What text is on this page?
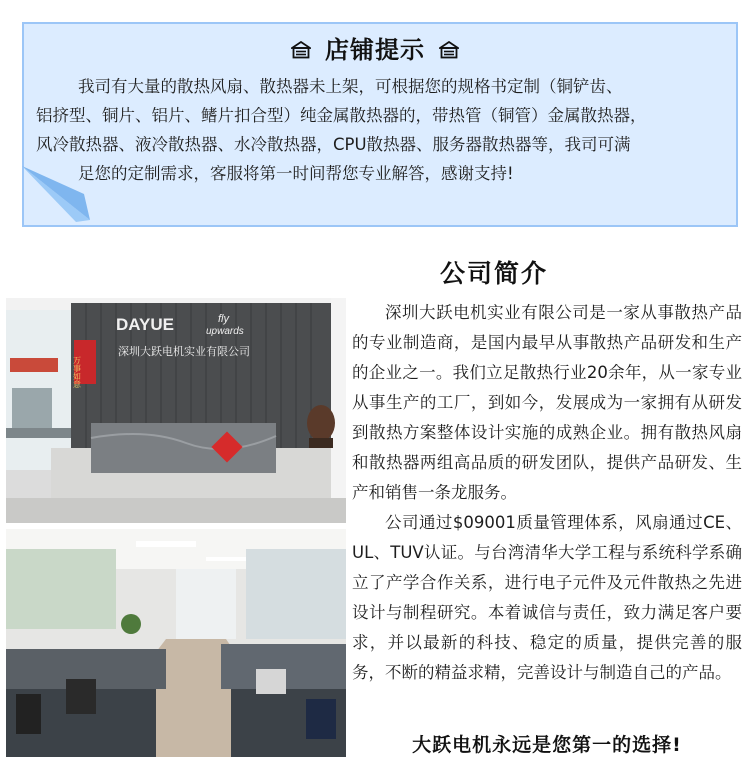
店铺提示
我司有大量的散热风扇、散热器未上架，可根据您的规格书定制（铜铲齿、
铝挤型、铜片、铝片、鳍片扣合型）纯金属散热器的，带热管（铜管）金属散热器，
风冷散热器、液冷散热器、水冷散热器，CPU散热器、服务器散热器等，我司可满
足您的定制需求，客服将第一时间帮您专业解答，感谢支持!
公司简介
DAYUE	fly
upwards
深圳大跃电机实业有限公司
万事如意

深圳大跃电机实业有限公司是一家从事散热产品的专业制造商，是国内最早从事散热产品研发和生产的企业之一。我们立足散热行业20余年，从一家专业从事生产的工厂，到如今，发展成为一家拥有从研发到散热方案整体设计实施的成熟企业。拥有散热风扇和散热器两组高品质的研发团队，提供产品研发、生产和销售一条龙服务。

公司通过$09001质量管理体系，风扇通过CE、UL、TUV认证。与台湾清华大学工程与系统科学系确立了产学合作关系，进行电子元件及元件散热之先进设计与制程研究。本着诚信与责任，致力满足客户要求，并以最新的科技、稳定的质量，提供完善的服务，不断的精益求精，完善设计与制造自己的产品。

大跃电机永远是您第一的选择!
